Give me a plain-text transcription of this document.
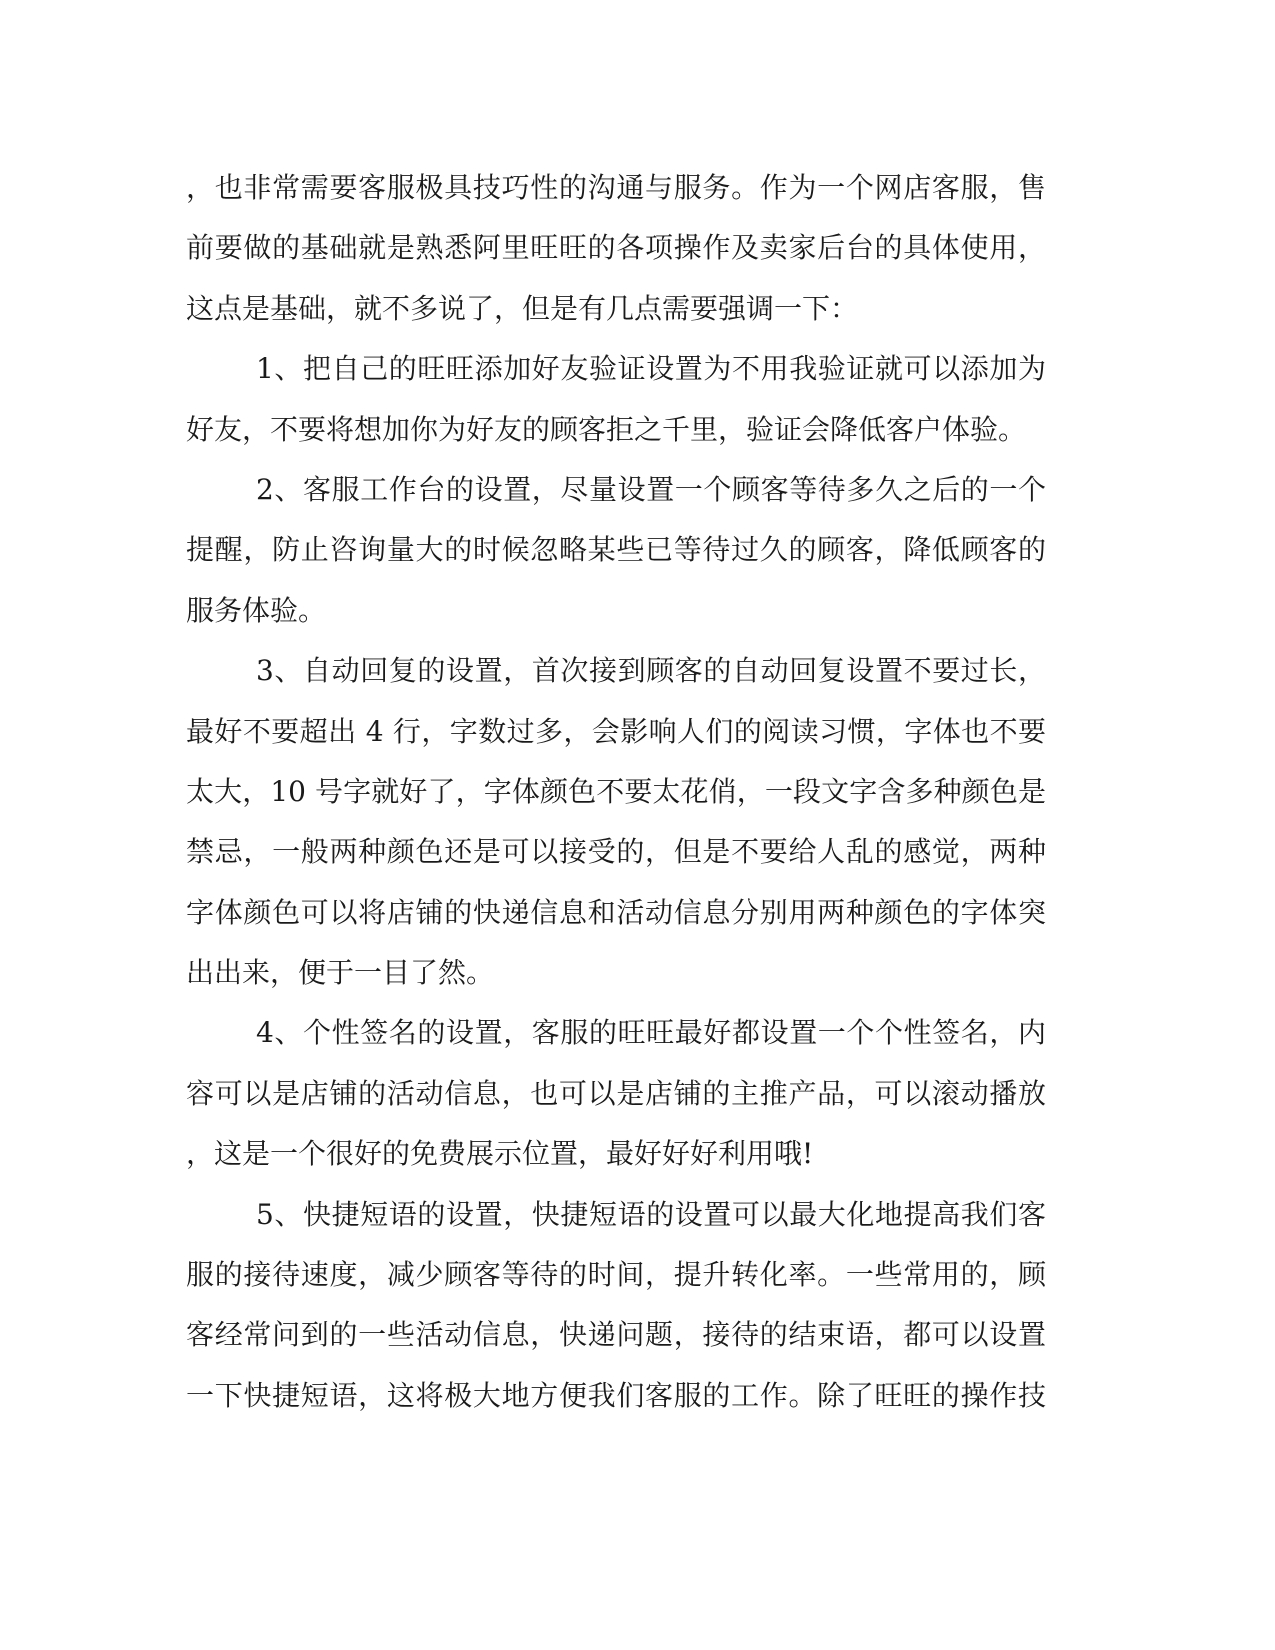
，也非常需要客服极具技巧性的沟通与服务。作为一个网店客服，售
前要做的基础就是熟悉阿里旺旺的各项操作及卖家后台的具体使用，
这点是基础，就不多说了，但是有几点需要强调一下：
1、把自己的旺旺添加好友验证设置为不用我验证就可以添加为
好友，不要将想加你为好友的顾客拒之千里，验证会降低客户体验。
2、客服工作台的设置，尽量设置一个顾客等待多久之后的一个
提醒，防止咨询量大的时候忽略某些已等待过久的顾客，降低顾客的
服务体验。
3、自动回复的设置，首次接到顾客的自动回复设置不要过长，
最好不要超出 4 行，字数过多，会影响人们的阅读习惯，字体也不要
太大，10 号字就好了，字体颜色不要太花俏，一段文字含多种颜色是
禁忌，一般两种颜色还是可以接受的，但是不要给人乱的感觉，两种
字体颜色可以将店铺的快递信息和活动信息分别用两种颜色的字体突
出出来，便于一目了然。
4、个性签名的设置，客服的旺旺最好都设置一个个性签名，内
容可以是店铺的活动信息，也可以是店铺的主推产品，可以滚动播放
，这是一个很好的免费展示位置，最好好好利用哦!
5、快捷短语的设置，快捷短语的设置可以最大化地提高我们客
服的接待速度，减少顾客等待的时间，提升转化率。一些常用的，顾
客经常问到的一些活动信息，快递问题，接待的结束语，都可以设置
一下快捷短语，这将极大地方便我们客服的工作。除了旺旺的操作技
